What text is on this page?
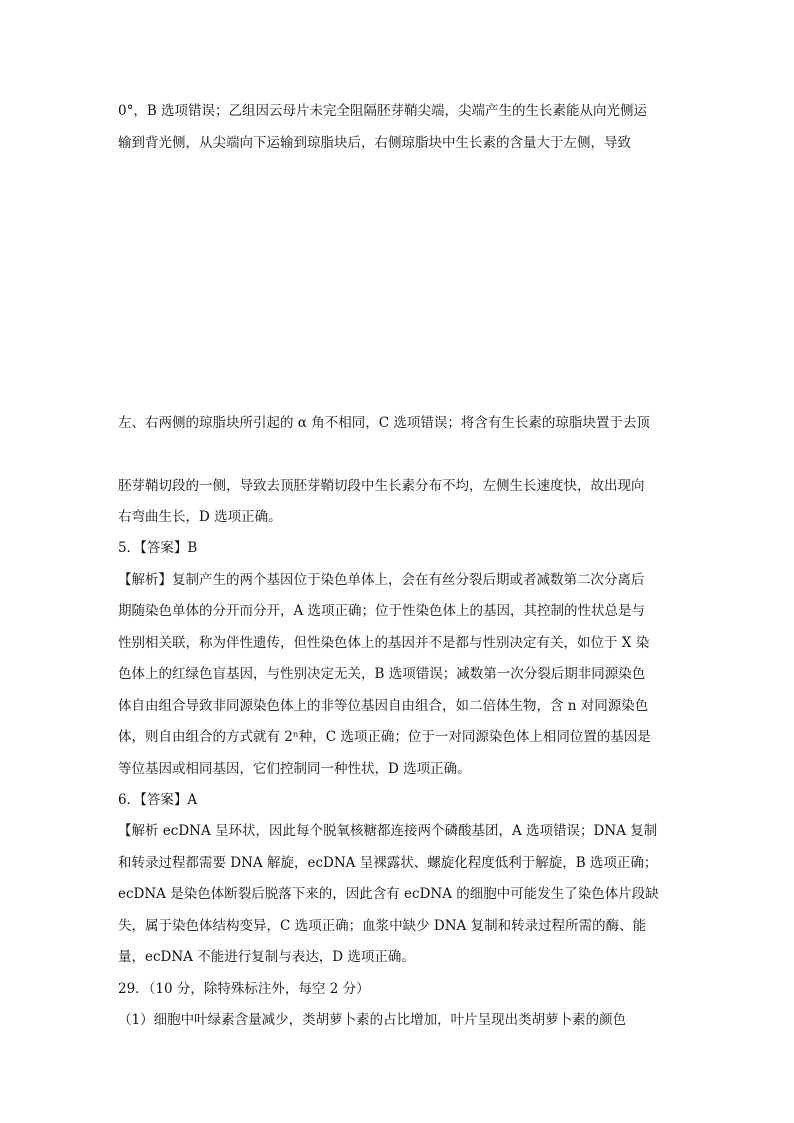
0°，B 选项错误；乙组因云母片未完全阻隔胚芽鞘尖端，尖端产生的生长素能从向光侧运
输到背光侧，从尖端向下运输到琼脂块后，右侧琼脂块中生长素的含量大于左侧，导致
左、右两侧的琼脂块所引起的 α 角不相同，C 选项错误；将含有生长素的琼脂块置于去顶
胚芽鞘切段的一侧，导致去顶胚芽鞘切段中生长素分布不均，左侧生长速度快，故出现向
右弯曲生长，D 选项正确。
5．【答案】B
【解析】复制产生的两个基因位于染色单体上，会在有丝分裂后期或者减数第二次分离后
期随染色单体的分开而分开，A 选项正确；位于性染色体上的基因，其控制的性状总是与
性别相关联，称为伴性遗传，但性染色体上的基因并不是都与性别决定有关，如位于 X 染
色体上的红绿色盲基因，与性别决定无关，B 选项错误；减数第一次分裂后期非同源染色
体自由组合导致非同源染色体上的非等位基因自由组合，如二倍体生物，含 n 对同源染色
体，则自由组合的方式就有 2ⁿ种，C 选项正确；位于一对同源染色体上相同位置的基因是
等位基因或相同基因，它们控制同一种性状，D 选项正确。
6．【答案】A
【解析 ecDNA 呈环状，因此每个脱氧核糖都连接两个磷酸基团，A 选项错误；DNA 复制
和转录过程都需要 DNA 解旋，ecDNA 呈裸露状、螺旋化程度低利于解旋，B 选项正确；
ecDNA 是染色体断裂后脱落下来的，因此含有 ecDNA 的细胞中可能发生了染色体片段缺
失，属于染色体结构变异，C 选项正确；血浆中缺少 DNA 复制和转录过程所需的酶、能
量，ecDNA 不能进行复制与表达，D 选项正确。
29．（10 分，除特殊标注外，每空 2 分）
（1）细胞中叶绿素含量减少，类胡萝卜素的占比增加，叶片呈现出类胡萝卜素的颜色
